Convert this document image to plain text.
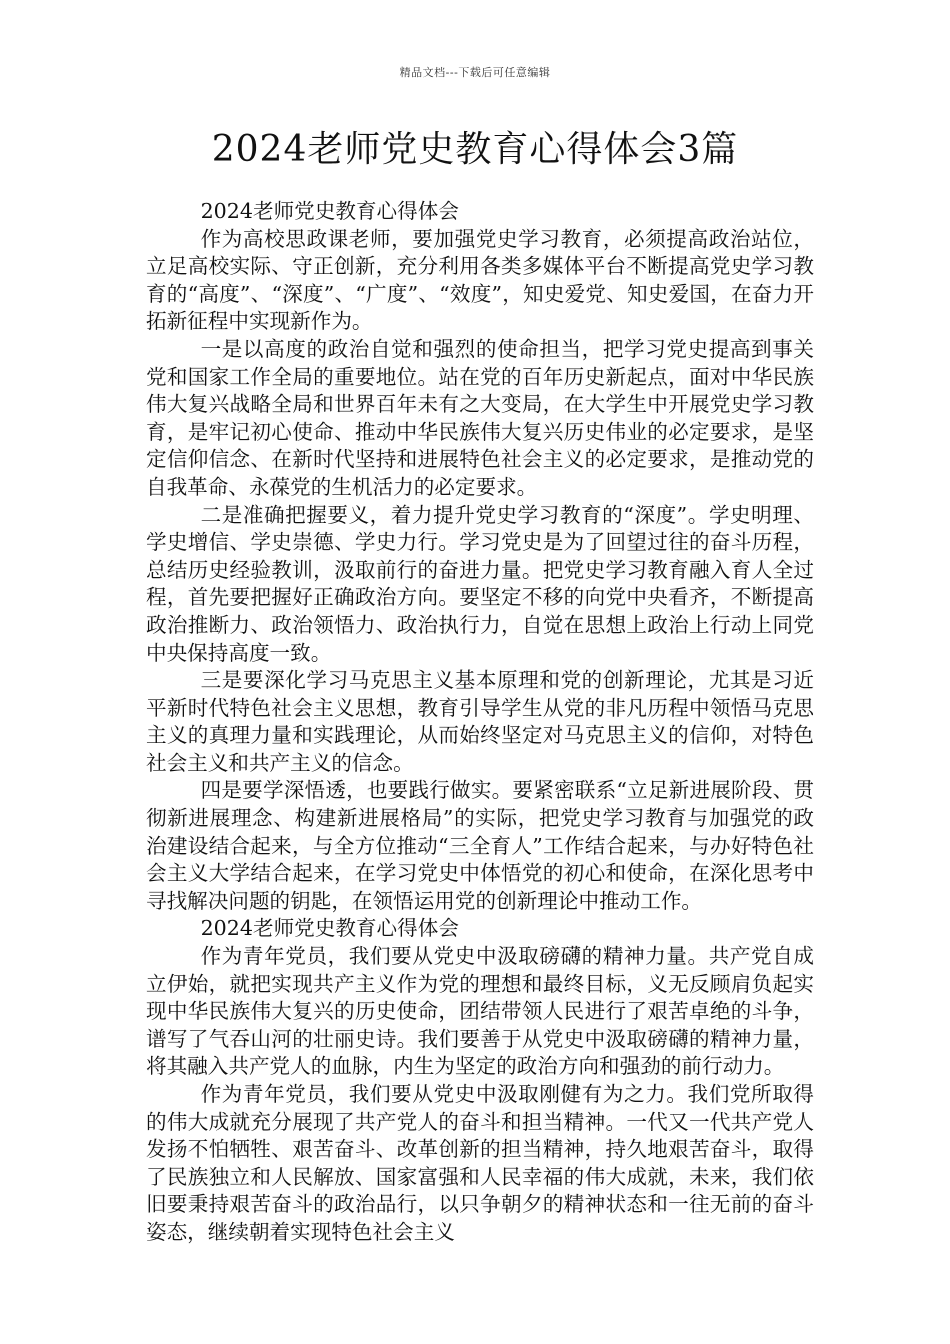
精品文档---下载后可任意编辑
2024老师党史教育心得体会3篇

2024老师党史教育心得体会

作为高校思政课老师，要加强党史学习教育，必须提高政治站位，立足高校实际、守正创新，充分利用各类多媒体平台不断提高党史学习教育的“高度”、“深度”、“广度”、“效度”，知史爱党、知史爱国，在奋力开拓新征程中实现新作为。

一是以高度的政治自觉和强烈的使命担当，把学习党史提高到事关党和国家工作全局的重要地位。站在党的百年历史新起点，面对中华民族伟大复兴战略全局和世界百年未有之大变局，在大学生中开展党史学习教育，是牢记初心使命、推动中华民族伟大复兴历史伟业的必定要求，是坚定信仰信念、在新时代坚持和进展特色社会主义的必定要求，是推动党的自我革命、永葆党的生机活力的必定要求。

二是准确把握要义，着力提升党史学习教育的“深度”。学史明理、学史增信、学史崇德、学史力行。学习党史是为了回望过往的奋斗历程，总结历史经验教训，汲取前行的奋进力量。把党史学习教育融入育人全过程，首先要把握好正确政治方向。要坚定不移的向党中央看齐，不断提高政治推断力、政治领悟力、政治执行力，自觉在思想上政治上行动上同党中央保持高度一致。

三是要深化学习马克思主义基本原理和党的创新理论，尤其是习近平新时代特色社会主义思想，教育引导学生从党的非凡历程中领悟马克思主义的真理力量和实践理论，从而始终坚定对马克思主义的信仰，对特色社会主义和共产主义的信念。

四是要学深悟透，也要践行做实。要紧密联系“立足新进展阶段、贯彻新进展理念、构建新进展格局”的实际，把党史学习教育与加强党的政治建设结合起来，与全方位推动“三全育人”工作结合起来，与办好特色社会主义大学结合起来，在学习党史中体悟党的初心和使命，在深化思考中寻找解决问题的钥匙，在领悟运用党的创新理论中推动工作。

2024老师党史教育心得体会

作为青年党员，我们要从党史中汲取磅礴的精神力量。共产党自成立伊始，就把实现共产主义作为党的理想和最终目标，义无反顾肩负起实现中华民族伟大复兴的历史使命，团结带领人民进行了艰苦卓绝的斗争，谱写了气吞山河的壮丽史诗。我们要善于从党史中汲取磅礴的精神力量，将其融入共产党人的血脉，内生为坚定的政治方向和强劲的前行动力。

作为青年党员，我们要从党史中汲取刚健有为之力。我们党所取得的伟大成就充分展现了共产党人的奋斗和担当精神。一代又一代共产党人发扬不怕牺牲、艰苦奋斗、改革创新的担当精神，持久地艰苦奋斗，取得了民族独立和人民解放、国家富强和人民幸福的伟大成就，未来，我们依旧要秉持艰苦奋斗的政治品行，以只争朝夕的精神状态和一往无前的奋斗姿态，继续朝着实现特色社会主义
